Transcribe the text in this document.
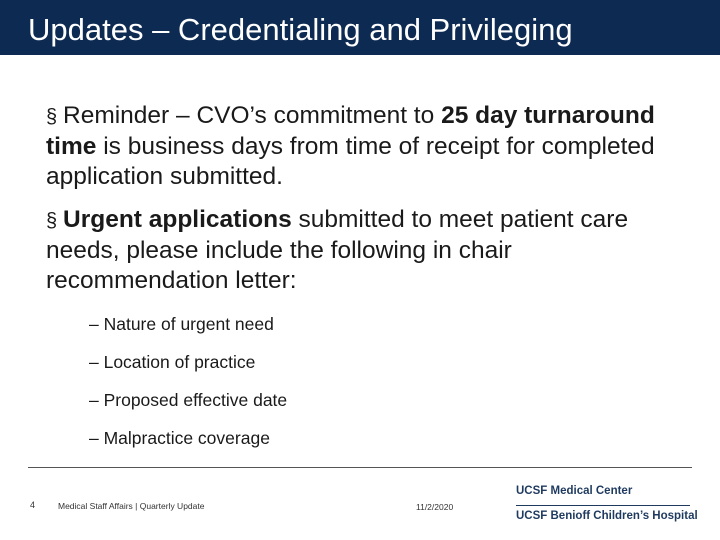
Updates – Credentialing and Privileging
§ Reminder – CVO’s commitment to 25 day turnaround time is business days from time of receipt for completed application submitted.
§ Urgent applications submitted to meet patient care needs, please include the following in chair recommendation letter:
– Nature of urgent need
– Location of practice
– Proposed effective date
– Malpractice coverage
4	Medical Staff Affairs | Quarterly Update	11/2/2020
UCSF Medical Center
UCSF Benioff Children’s Hospital
